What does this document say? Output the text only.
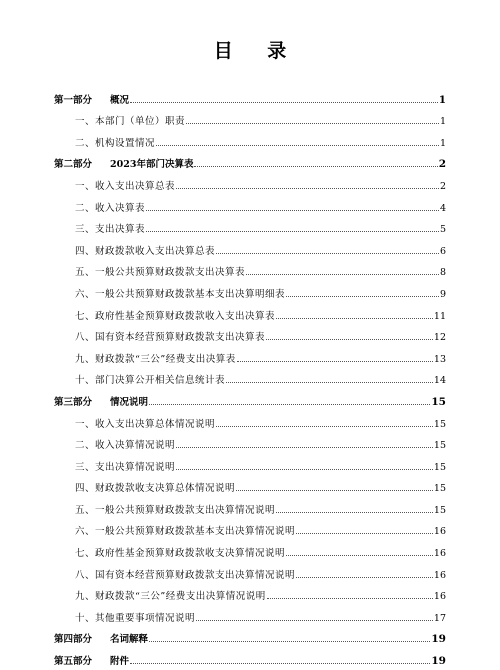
目 录
第一部分 概况	1
一、本部门（单位）职责	1
二、机构设置情况	1
第二部分 2023年部门决算表	2
一、收入支出决算总表	2
二、收入决算表	4
三、支出决算表	5
四、财政拨款收入支出决算总表	6
五、一般公共预算财政拨款支出决算表	8
六、一般公共预算财政拨款基本支出决算明细表	9
七、政府性基金预算财政拨款收入支出决算表	11
八、国有资本经营预算财政拨款支出决算表	12
九、财政拨款“三公”经费支出决算表	13
十、部门决算公开相关信息统计表	14
第三部分 情况说明	15
一、收入支出决算总体情况说明	15
二、收入决算情况说明	15
三、支出决算情况说明	15
四、财政拨款收支决算总体情况说明	15
五、一般公共预算财政拨款支出决算情况说明	15
六、一般公共预算财政拨款基本支出决算情况说明	16
七、政府性基金预算财政拨款收支决算情况说明	16
八、国有资本经营预算财政拨款支出决算情况说明	16
九、财政拨款“三公”经费支出决算情况说明	16
十、其他重要事项情况说明	17
第四部分 名词解释	19
第五部分 附件	19
